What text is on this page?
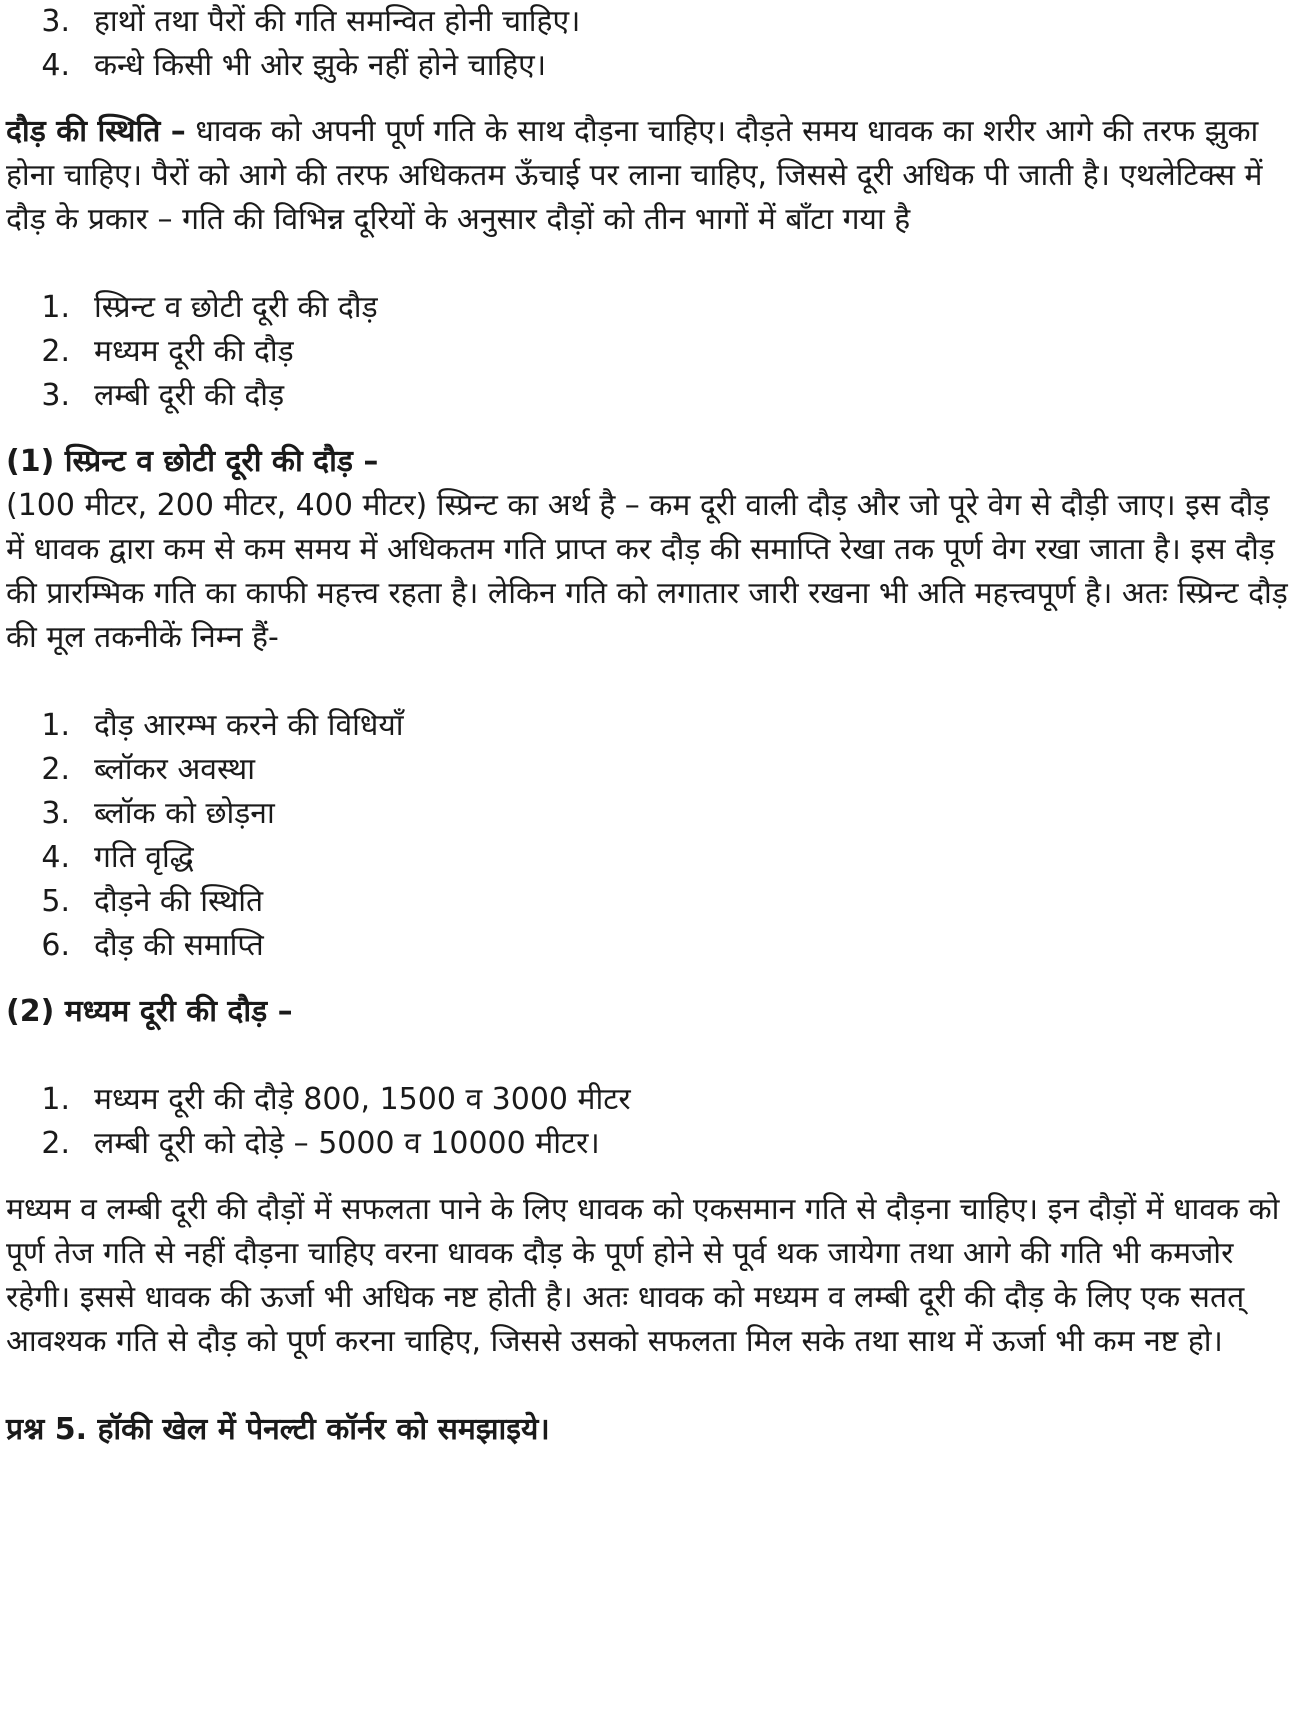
3. हाथों तथा पैरों की गति समन्वित होनी चाहिए।
4. कन्धे किसी भी ओर झुके नहीं होने चाहिए।

दौड़ की स्थिति – धावक को अपनी पूर्ण गति के साथ दौड़ना चाहिए। दौड़ते समय धावक का शरीर आगे की तरफ झुका होना चाहिए। पैरों को आगे की तरफ अधिकतम ऊँचाई पर लाना चाहिए, जिससे दूरी अधिक पी जाती है। एथलेटिक्स में दौड़ के प्रकार – गति की विभिन्न दूरियों के अनुसार दौड़ों को तीन भागों में बाँटा गया है

1. स्प्रिन्ट व छोटी दूरी की दौड़
2. मध्यम दूरी की दौड़
3. लम्बी दूरी की दौड़

(1) स्प्रिन्ट व छोटी दूरी की दौड़ –

(100 मीटर, 200 मीटर, 400 मीटर) स्प्रिन्ट का अर्थ है – कम दूरी वाली दौड़ और जो पूरे वेग से दौड़ी जाए। इस दौड़ में धावक द्वारा कम से कम समय में अधिकतम गति प्राप्त कर दौड़ की समाप्ति रेखा तक पूर्ण वेग रखा जाता है। इस दौड़ की प्रारम्भिक गति का काफी महत्त्व रहता है। लेकिन गति को लगातार जारी रखना भी अति महत्त्वपूर्ण है। अतः स्प्रिन्ट दौड़ की मूल तकनीकें निम्न हैं-

1. दौड़ आरम्भ करने की विधियाँ
2. ब्लॉकर अवस्था
3. ब्लॉक को छोड़ना
4. गति वृद्धि
5. दौड़ने की स्थिति
6. दौड़ की समाप्ति

(2) मध्यम दूरी की दौड़ –

1. मध्यम दूरी की दौड़े 800, 1500 व 3000 मीटर
2. लम्बी दूरी को दोड़े – 5000 व 10000 मीटर।

मध्यम व लम्बी दूरी की दौड़ों में सफलता पाने के लिए धावक को एकसमान गति से दौड़ना चाहिए। इन दौड़ों में धावक को पूर्ण तेज गति से नहीं दौड़ना चाहिए वरना धावक दौड़ के पूर्ण होने से पूर्व थक जायेगा तथा आगे की गति भी कमजोर रहेगी। इससे धावक की ऊर्जा भी अधिक नष्ट होती है। अतः धावक को मध्यम व लम्बी दूरी की दौड़ के लिए एक सतत् आवश्यक गति से दौड़ को पूर्ण करना चाहिए, जिससे उसको सफलता मिल सके तथा साथ में ऊर्जा भी कम नष्ट हो।

प्रश्न 5. हॉकी खेल में पेनल्टी कॉर्नर को समझाइये।
